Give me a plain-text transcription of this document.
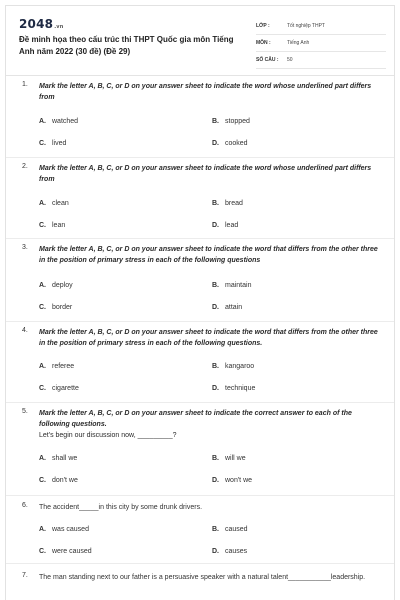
2048.vn
Đề minh họa theo cấu trúc thi THPT Quốc gia môn Tiếng Anh năm 2022 (30 đề) (Đề 29)
LỚP :	Tốt nghiệp THPT
MÔN :	Tiếng Anh
SỐ CÂU : 50
1. Mark the letter A, B, C, or D on your answer sheet to indicate the word whose underlined part differs from
A. watched	B. stopped
C. lived	D. cooked
2. Mark the letter A, B, C, or D on your answer sheet to indicate the word whose underlined part differs from
A. clean	B. bread
C. lean	D. lead
3. Mark the letter A, B, C, or D on your answer sheet to indicate the word that differs from the other three in the position of primary stress in each of the following questions
A. deploy	B. maintain
C. border	D. attain
4. Mark the letter A, B, C, or D on your answer sheet to indicate the word that differs from the other three in the position of primary stress in each of the following questions.
A. referee	B. kangaroo
C. cigarette	D. technique
5. Mark the letter A, B, C, or D on your answer sheet to indicate the correct answer to each of the following questions.
Let's begin our discussion now, _________?
A. shall we	B. will we
C. don't we	D. won't we
6. The accident_____in this city by some drunk drivers.
A. was caused	B. caused
C. were caused	D. causes
7. The man standing next to our father is a persuasive speaker with a natural talent___________leadership.
